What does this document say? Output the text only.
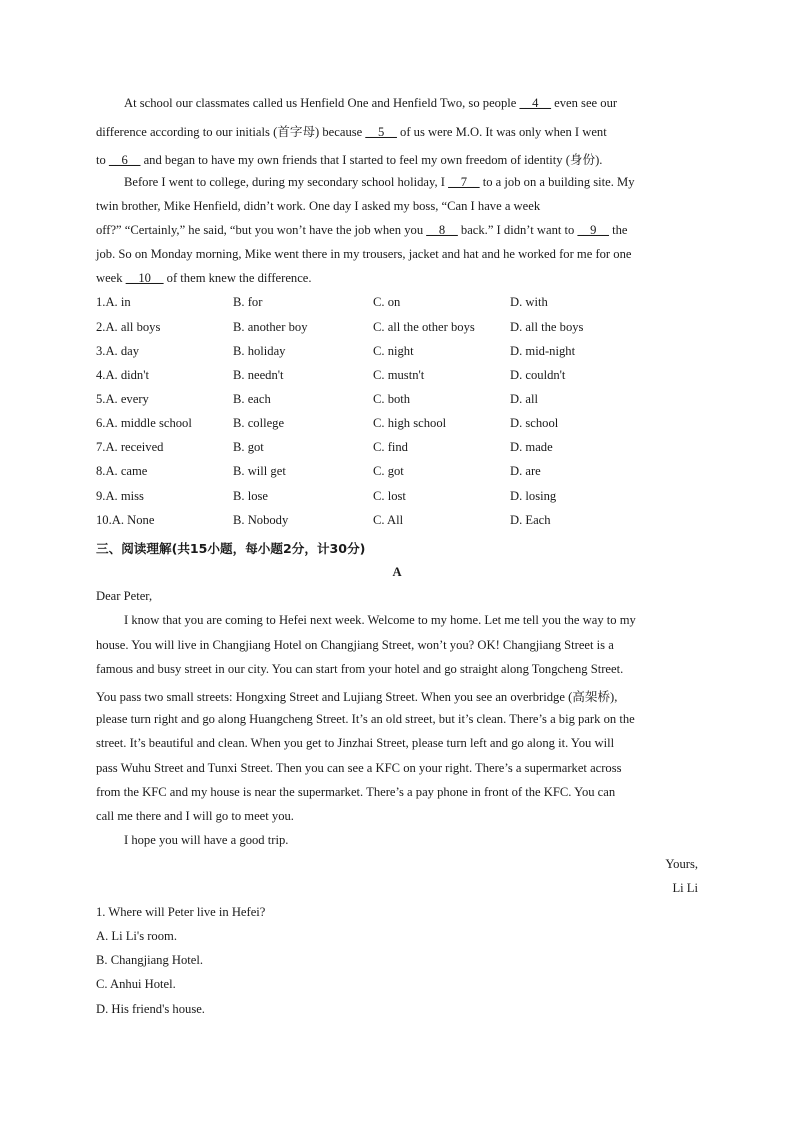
At school our classmates called us Henfield One and Henfield Two, so people __4__ even see our
difference according to our initials (首字母) because __5__ of us were M.O. It was only when I went
to __6__ and began to have my own friends that I started to feel my own freedom of identity (身份).
Before I went to college, during my secondary school holiday, I __7__ to a job on a building site. My
twin brother, Mike Henfield, didn’t work. One day I asked my boss, “Can I have a week
off?” “Certainly,” he said, “but you won’t have the job when you __8__ back.” I didn’t want to __9__ the
job. So on Monday morning, Mike went there in my trousers, jacket and hat and he worked for me for one
week __10__ of them knew the difference.
1.A. in	B. for	C. on	D. with
2.A. all boys	B. another boy	C. all the other boys	D. all the boys
3.A. day	B. holiday	C. night	D. mid-night
4.A. didn't	B. needn't	C. mustn't	D. couldn't
5.A. every	B. each	C. both	D. all
6.A. middle school	B. college	C. high school	D. school
7.A. received	B. got	C. find	D. made
8.A. came	B. will get	C. got	D. are
9.A. miss	B. lose	C. lost	D. losing
10.A. None	B. Nobody	C. All	D. Each
三、阅读理解(共15小题，每小题2分，计30分)
A
Dear Peter,
I know that you are coming to Hefei next week. Welcome to my home. Let me tell you the way to my
house. You will live in Changjiang Hotel on Changjiang Street, won’t you? OK! Changjiang Street is a
famous and busy street in our city. You can start from your hotel and go straight along Tongcheng Street.
You pass two small streets: Hongxing Street and Lujiang Street. When you see an overbridge (高架桥),
please turn right and go along Huangcheng Street. It’s an old street, but it’s clean. There’s a big park on the
street. It’s beautiful and clean. When you get to Jinzhai Street, please turn left and go along it. You will
pass Wuhu Street and Tunxi Street. Then you can see a KFC on your right. There’s a supermarket across
from the KFC and my house is near the supermarket. There’s a pay phone in front of the KFC. You can
call me there and I will go to meet you.
I hope you will have a good trip.
Yours,
Li Li
1. Where will Peter live in Hefei?
A. Li Li's room.
B. Changjiang Hotel.
C. Anhui Hotel.
D. His friend's house.
